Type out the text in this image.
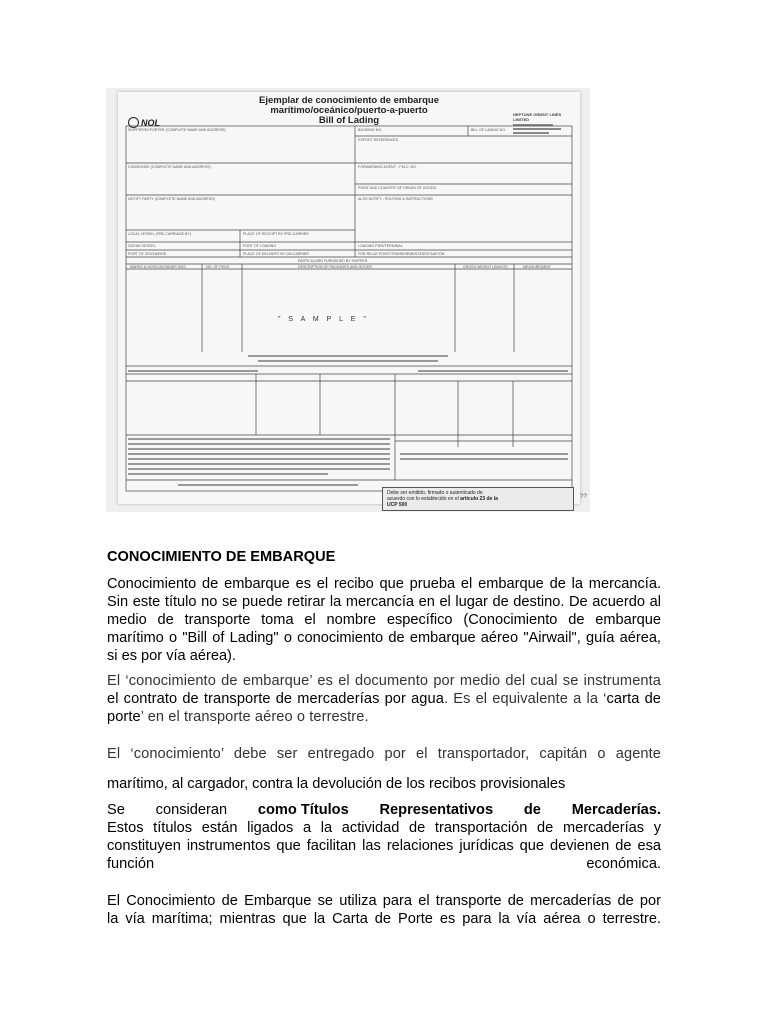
Ejemplar de conocimiento de embarque
marítimo/oceánico/puerto-a-puerto
Bill of Lading
NOL
NEPTUNE ORIENT LINES LIMITED
SHIPPER/EXPORTER (COMPLETE NAME AND ADDRESS)	BOOKING NO.	BILL OF LADING NO.
EXPORT REFERENCES
CONSIGNEE (COMPLETE NAME AND ADDRESS)	FORWARDING AGENT - F.M.C. NO.
POINT AND COUNTRY OF ORIGIN OF GOODS
NOTIFY PARTY (COMPLETE NAME AND ADDRESS)	ALSO NOTIFY - ROUTING & INSTRUCTIONS
LOCAL VESSEL (PRE-CARRIAGE BY)	PLACE OF RECEIPT BY PRE-CARRIER
OCEAN VESSEL	PORT OF LOADING	LOADING PIER/TERMINAL
PORT OF DISCHARGE	PLACE OF DELIVERY BY ON-CARRIER	FOR RELAY POINT/TRANSHIPMENT/DESTINATION
PARTICULARS FURNISHED BY SHIPPER
MARKS & NOS/CONTAINER NOS	NO. OF PKGS	DESCRIPTION OF PACKAGES AND GOODS	GROSS WEIGHT LBS/KGS	MEASUREMENT
" S A M P L E "
Debe ser emitido, firmado o autenticado de
acuerdo con lo establecido en el artículo 23 de la
UCP 500
??
CONOCIMIENTO DE EMBARQUE
Conocimiento de embarque es el recibo que prueba el embarque de la mercancía. Sin este título no se puede retirar la mercancía en el lugar de destino. De acuerdo al medio de transporte toma el nombre específico (Conocimiento de embarque marítimo o "Bill of Lading" o conocimiento de embarque aéreo "Airwail", guía aérea, si es por vía aérea).
El ‘conocimiento de embarque’ es el documento por medio del cual se instrumenta el contrato de transporte de mercaderías por agua. Es el equivalente a la ‘carta de porte’ en el transporte aéreo o terrestre.
El ‘conocimiento’ debe ser entregado por el transportador, capitán o agente
marítimo, al cargador, contra la devolución de los recibos provisionales
Se consideran como Títulos Representativos de Mercaderías.
Estos títulos están ligados a la actividad de transportación de mercaderías y
constituyen instrumentos que facilitan las relaciones jurídicas que devienen de esa
función	económica.
El Conocimiento de Embarque se utiliza para el transporte de mercaderías de por
la vía marítima; mientras que la Carta de Porte es para la vía aérea o terrestre.
